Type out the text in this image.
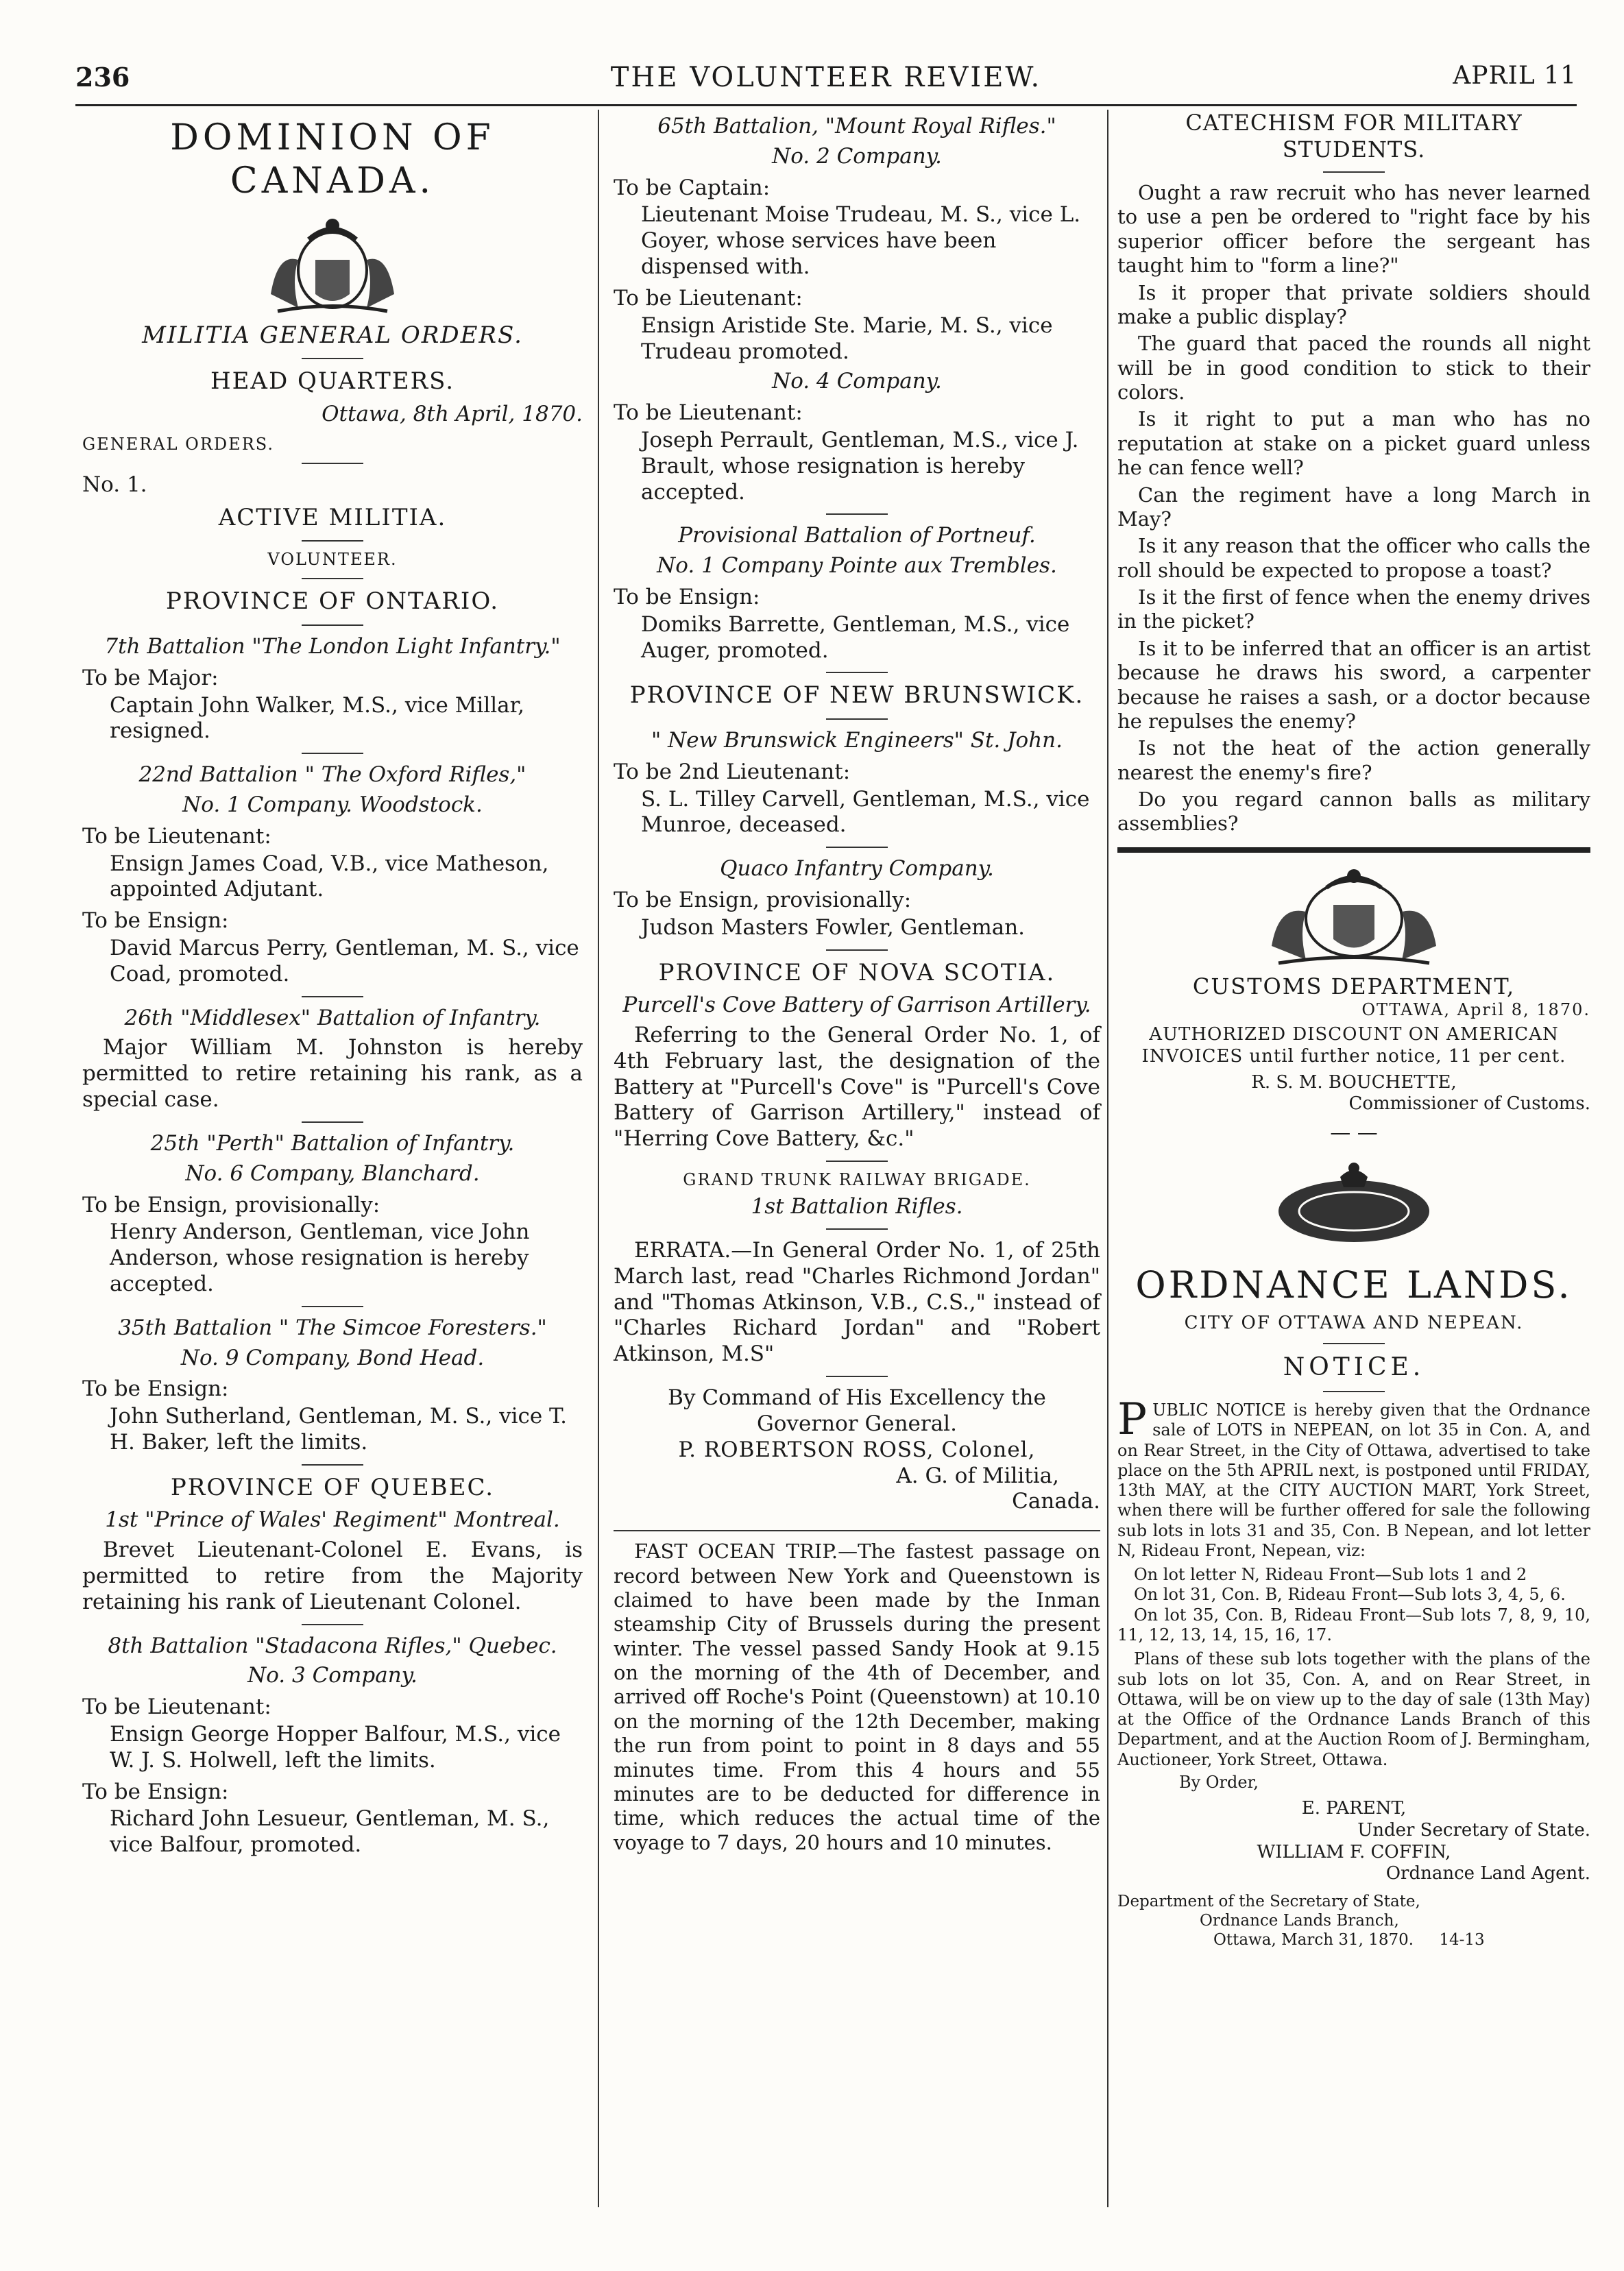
236	THE VOLUNTEER REVIEW.	APRIL 11
DOMINION OF CANADA.
MILITIA GENERAL ORDERS.
HEAD QUARTERS.
Ottawa, 8th April, 1870.
GENERAL ORDERS.
No. 1.
ACTIVE MILITIA.
VOLUNTEER.
PROVINCE OF ONTARIO.
7th Battalion "The London Light Infantry."
To be Major:
Captain John Walker, M.S., vice Millar, resigned.
22nd Battalion " The Oxford Rifles,"
No. 1 Company. Woodstock.
To be Lieutenant:
Ensign James Coad, V.B., vice Matheson, appointed Adjutant.
To be Ensign:
David Marcus Perry, Gentleman, M. S., vice Coad, promoted.
26th "Middlesex" Battalion of Infantry.
Major William M. Johnston is hereby permitted to retire retaining his rank, as a special case.
25th "Perth" Battalion of Infantry.
No. 6 Company, Blanchard.
To be Ensign, provisionally:
Henry Anderson, Gentleman, vice John Anderson, whose resignation is hereby accepted.
35th Battalion " The Simcoe Foresters."
No. 9 Company, Bond Head.
To be Ensign:
John Sutherland, Gentleman, M. S., vice T. H. Baker, left the limits.
PROVINCE OF QUEBEC.
1st "Prince of Wales' Regiment" Montreal.
Brevet Lieutenant-Colonel E. Evans, is permitted to retire from the Majority retaining his rank of Lieutenant Colonel.
8th Battalion "Stadacona Rifles," Quebec.
No. 3 Company.
To be Lieutenant:
Ensign George Hopper Balfour, M.S., vice W. J. S. Holwell, left the limits.
To be Ensign:
Richard John Lesueur, Gentleman, M. S., vice Balfour, promoted.
65th Battalion, "Mount Royal Rifles."
No. 2 Company.
To be Captain:
Lieutenant Moise Trudeau, M. S., vice L. Goyer, whose services have been dispensed with.
To be Lieutenant:
Ensign Aristide Ste. Marie, M. S., vice Trudeau promoted.
No. 4 Company.
To be Lieutenant:
Joseph Perrault, Gentleman, M.S., vice J. Brault, whose resignation is hereby accepted.
Provisional Battalion of Portneuf.
No. 1 Company Pointe aux Trembles.
To be Ensign:
Domiks Barrette, Gentleman, M.S., vice Auger, promoted.
PROVINCE OF NEW BRUNSWICK.
" New Brunswick Engineers" St. John.
To be 2nd Lieutenant:
S. L. Tilley Carvell, Gentleman, M.S., vice Munroe, deceased.
Quaco Infantry Company.
To be Ensign, provisionally:
Judson Masters Fowler, Gentleman.
PROVINCE OF NOVA SCOTIA.
Purcell's Cove Battery of Garrison Artillery.
Referring to the General Order No. 1, of 4th February last, the designation of the Battery at "Purcell's Cove" is "Purcell's Cove Battery of Garrison Artillery," instead of "Herring Cove Battery, &c."
GRAND TRUNK RAILWAY BRIGADE.
1st Battalion Rifles.
ERRATA.—In General Order No. 1, of 25th March last, read "Charles Richmond Jordan" and "Thomas Atkinson, V.B., C.S.," instead of "Charles Richard Jordan" and "Robert Atkinson, M.S"
By Command of His Excellency the
Governor General.
P. ROBERTSON ROSS, Colonel,
A. G. of Militia,
Canada.
FAST OCEAN TRIP.—The fastest passage on record between New York and Queenstown is claimed to have been made by the Inman steamship City of Brussels during the present winter. The vessel passed Sandy Hook at 9.15 on the morning of the 4th of December, and arrived off Roche's Point (Queenstown) at 10.10 on the morning of the 12th December, making the run from point to point in 8 days and 55 minutes time. From this 4 hours and 55 minutes are to be deducted for difference in time, which reduces the actual time of the voyage to 7 days, 20 hours and 10 minutes.
CATECHISM FOR MILITARY STUDENTS.
Ought a raw recruit who has never learned to use a pen be ordered to "right face by his superior officer before the sergeant has taught him to "form a line?"
Is it proper that private soldiers should make a public display?
The guard that paced the rounds all night will be in good condition to stick to their colors.
Is it right to put a man who has no reputation at stake on a picket guard unless he can fence well?
Can the regiment have a long March in May?
Is it any reason that the officer who calls the roll should be expected to propose a toast?
Is it the first of fence when the enemy drives in the picket?
Is it to be inferred that an officer is an artist because he draws his sword, a carpenter because he raises a sash, or a doctor because he repulses the enemy?
Is not the heat of the action generally nearest the enemy's fire?
Do you regard cannon balls as military assemblies?
CUSTOMS DEPARTMENT,
OTTAWA, April 8, 1870.
AUTHORIZED DISCOUNT ON AMERICAN INVOICES until further notice, 11 per cent.
R. S. M. BOUCHETTE,
Commissioner of Customs.
— —
ORDNANCE LANDS.
CITY OF OTTAWA AND NEPEAN.
NOTICE.
PUBLIC NOTICE is hereby given that the Ordnance sale of LOTS in NEPEAN, on lot 35 in Con. A, and on Rear Street, in the City of Ottawa, advertised to take place on the 5th APRIL next, is postponed until FRIDAY, 13th MAY, at the CITY AUCTION MART, York Street, when there will be further offered for sale the following sub lots in lots 31 and 35, Con. B Nepean, and lot letter N, Rideau Front, Nepean, viz:
On lot letter N, Rideau Front—Sub lots 1 and 2
On lot 31, Con. B, Rideau Front—Sub lots 3, 4, 5, 6.
On lot 35, Con. B, Rideau Front—Sub lots 7, 8, 9, 10, 11, 12, 13, 14, 15, 16, 17.
Plans of these sub lots together with the plans of the sub lots on lot 35, Con. A, and on Rear Street, in Ottawa, will be on view up to the day of sale (13th May) at the Office of the Ordnance Lands Branch of this Department, and at the Auction Room of J. Bermingham, Auctioneer, York Street, Ottawa.
By Order,
E. PARENT,
Under Secretary of State.
WILLIAM F. COFFIN,
Ordnance Land Agent.
Department of the Secretary of State,
Ordnance Lands Branch,
Ottawa, March 31, 1870. 14-13
